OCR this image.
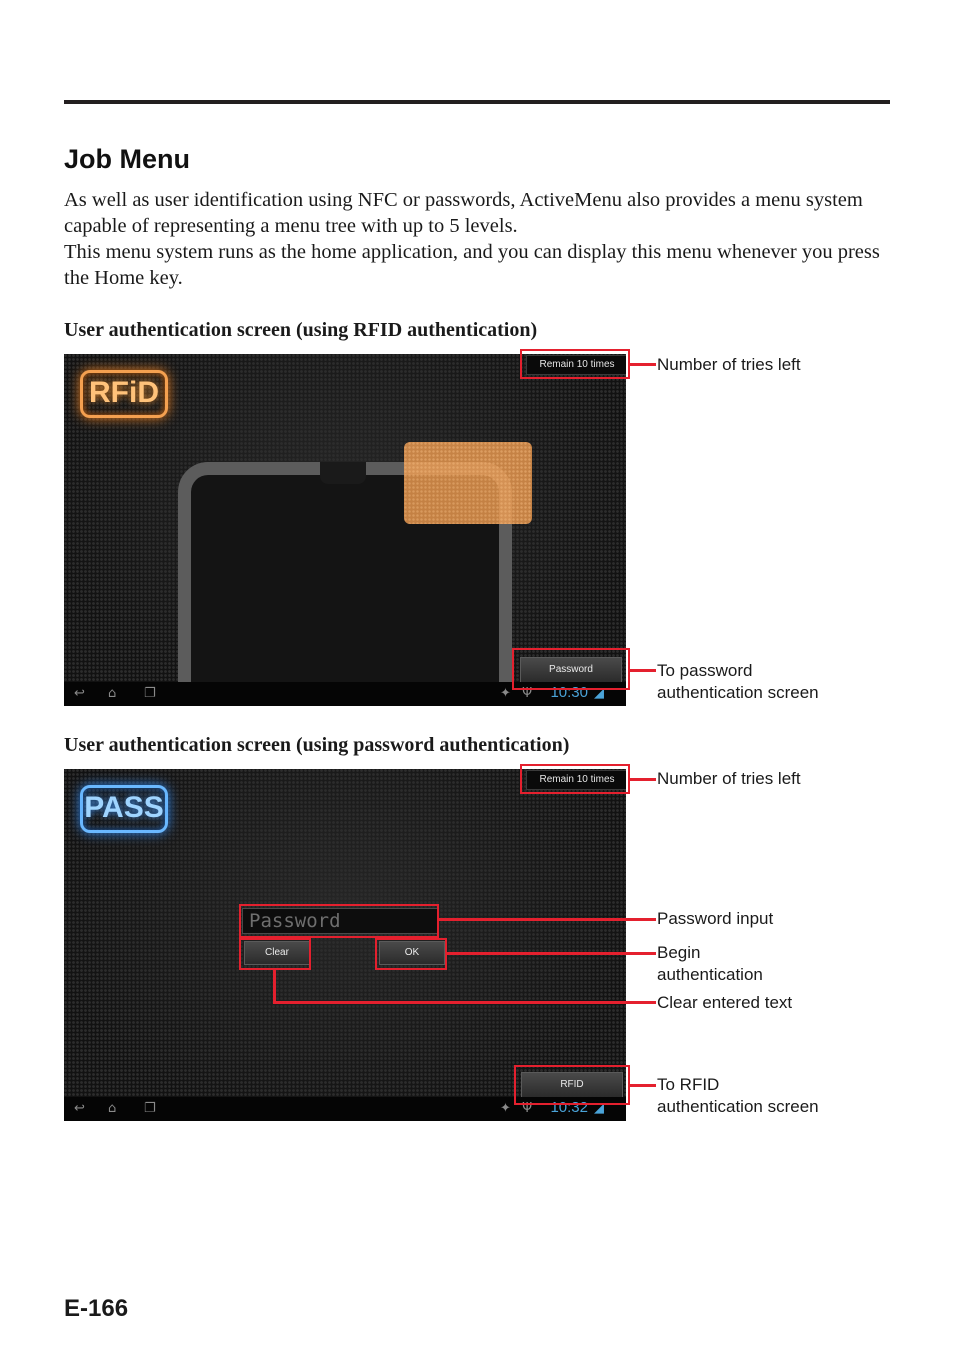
Job Menu

As well as user identification using NFC or passwords, ActiveMenu also provides a menu system capable of representing a menu tree with up to 5 levels.

This menu system runs as the home application, and you can display this menu whenever you press the Home key.

User authentication screen (using RFID authentication)
RFiD
Remain 10 times
Password
↩ ⌂ ❐	✦ Ψ 10:30 ◢
Number of tries left
To password
authentication screen
User authentication screen (using password authentication)
PASS
Remain 10 times
Password
Clear	OK
RFID
↩ ⌂ ❐	✦ Ψ 10:32 ◢
Number of tries left
Password input
Begin
authentication
Clear entered text
To RFID
authentication screen
E-166
